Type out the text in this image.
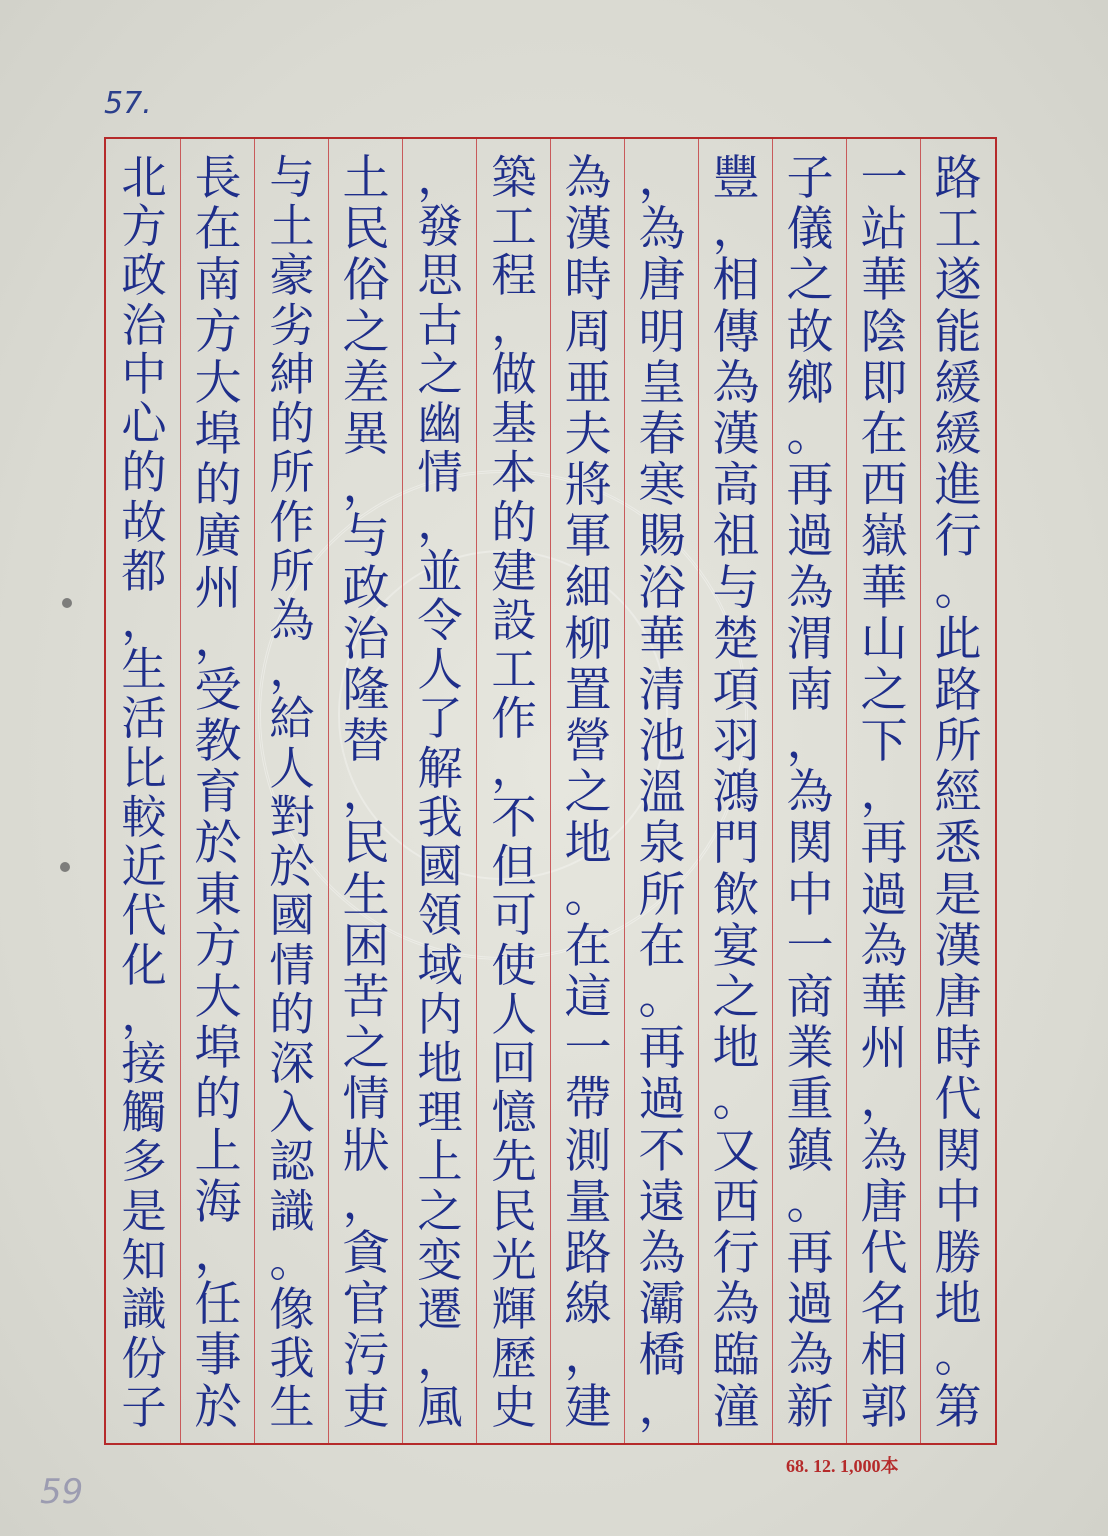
57.
路
工
遂
能
緩
緩
進
行
。
此
路
所
經
悉
是
漢
唐
時
代
関
中
勝
地
。
第
一
站
華
陰
即
在
西
嶽
華
山
之
下
，
再
過
為
華
州
，
為
唐
代
名
相
郭
子
儀
之
故
鄉
。
再
過
為
渭
南
，
為
関
中
一
商
業
重
鎮
。
再
過
為
新
豐
，
相
傳
為
漢
高
祖
与
楚
項
羽
鴻
門
飲
宴
之
地
。
又
西
行
為
臨
潼
，
為
唐
明
皇
春
寒
賜
浴
華
清
池
溫
泉
所
在
。
再
過
不
遠
為
灞
橋
，
為
漢
時
周
亜
夫
將
軍
細
柳
置
營
之
地
。
在
這
一
帶
測
量
路
線
，
建
築
工
程
，
做
基
本
的
建
設
工
作
，
不
但
可
使
人
回
憶
先
民
光
輝
歷
史
，
發
思
古
之
幽
情
，
並
令
人
了
解
我
國
領
域
内
地
理
上
之
变
遷
，
風
土
民
俗
之
差
異
，
与
政
治
隆
替
，
民
生
困
苦
之
情
狀
，
貪
官
污
吏
与
土
豪
劣
紳
的
所
作
所
為
，
給
人
對
於
國
情
的
深
入
認
識
。
像
我
生
長
在
南
方
大
埠
的
廣
州
，
受
教
育
於
東
方
大
埠
的
上
海
，
任
事
於
北
方
政
治
中
心
的
故
都
，
生
活
比
較
近
代
化
，
接
觸
多
是
知
識
份
子
68. 12. 1,000本
59
